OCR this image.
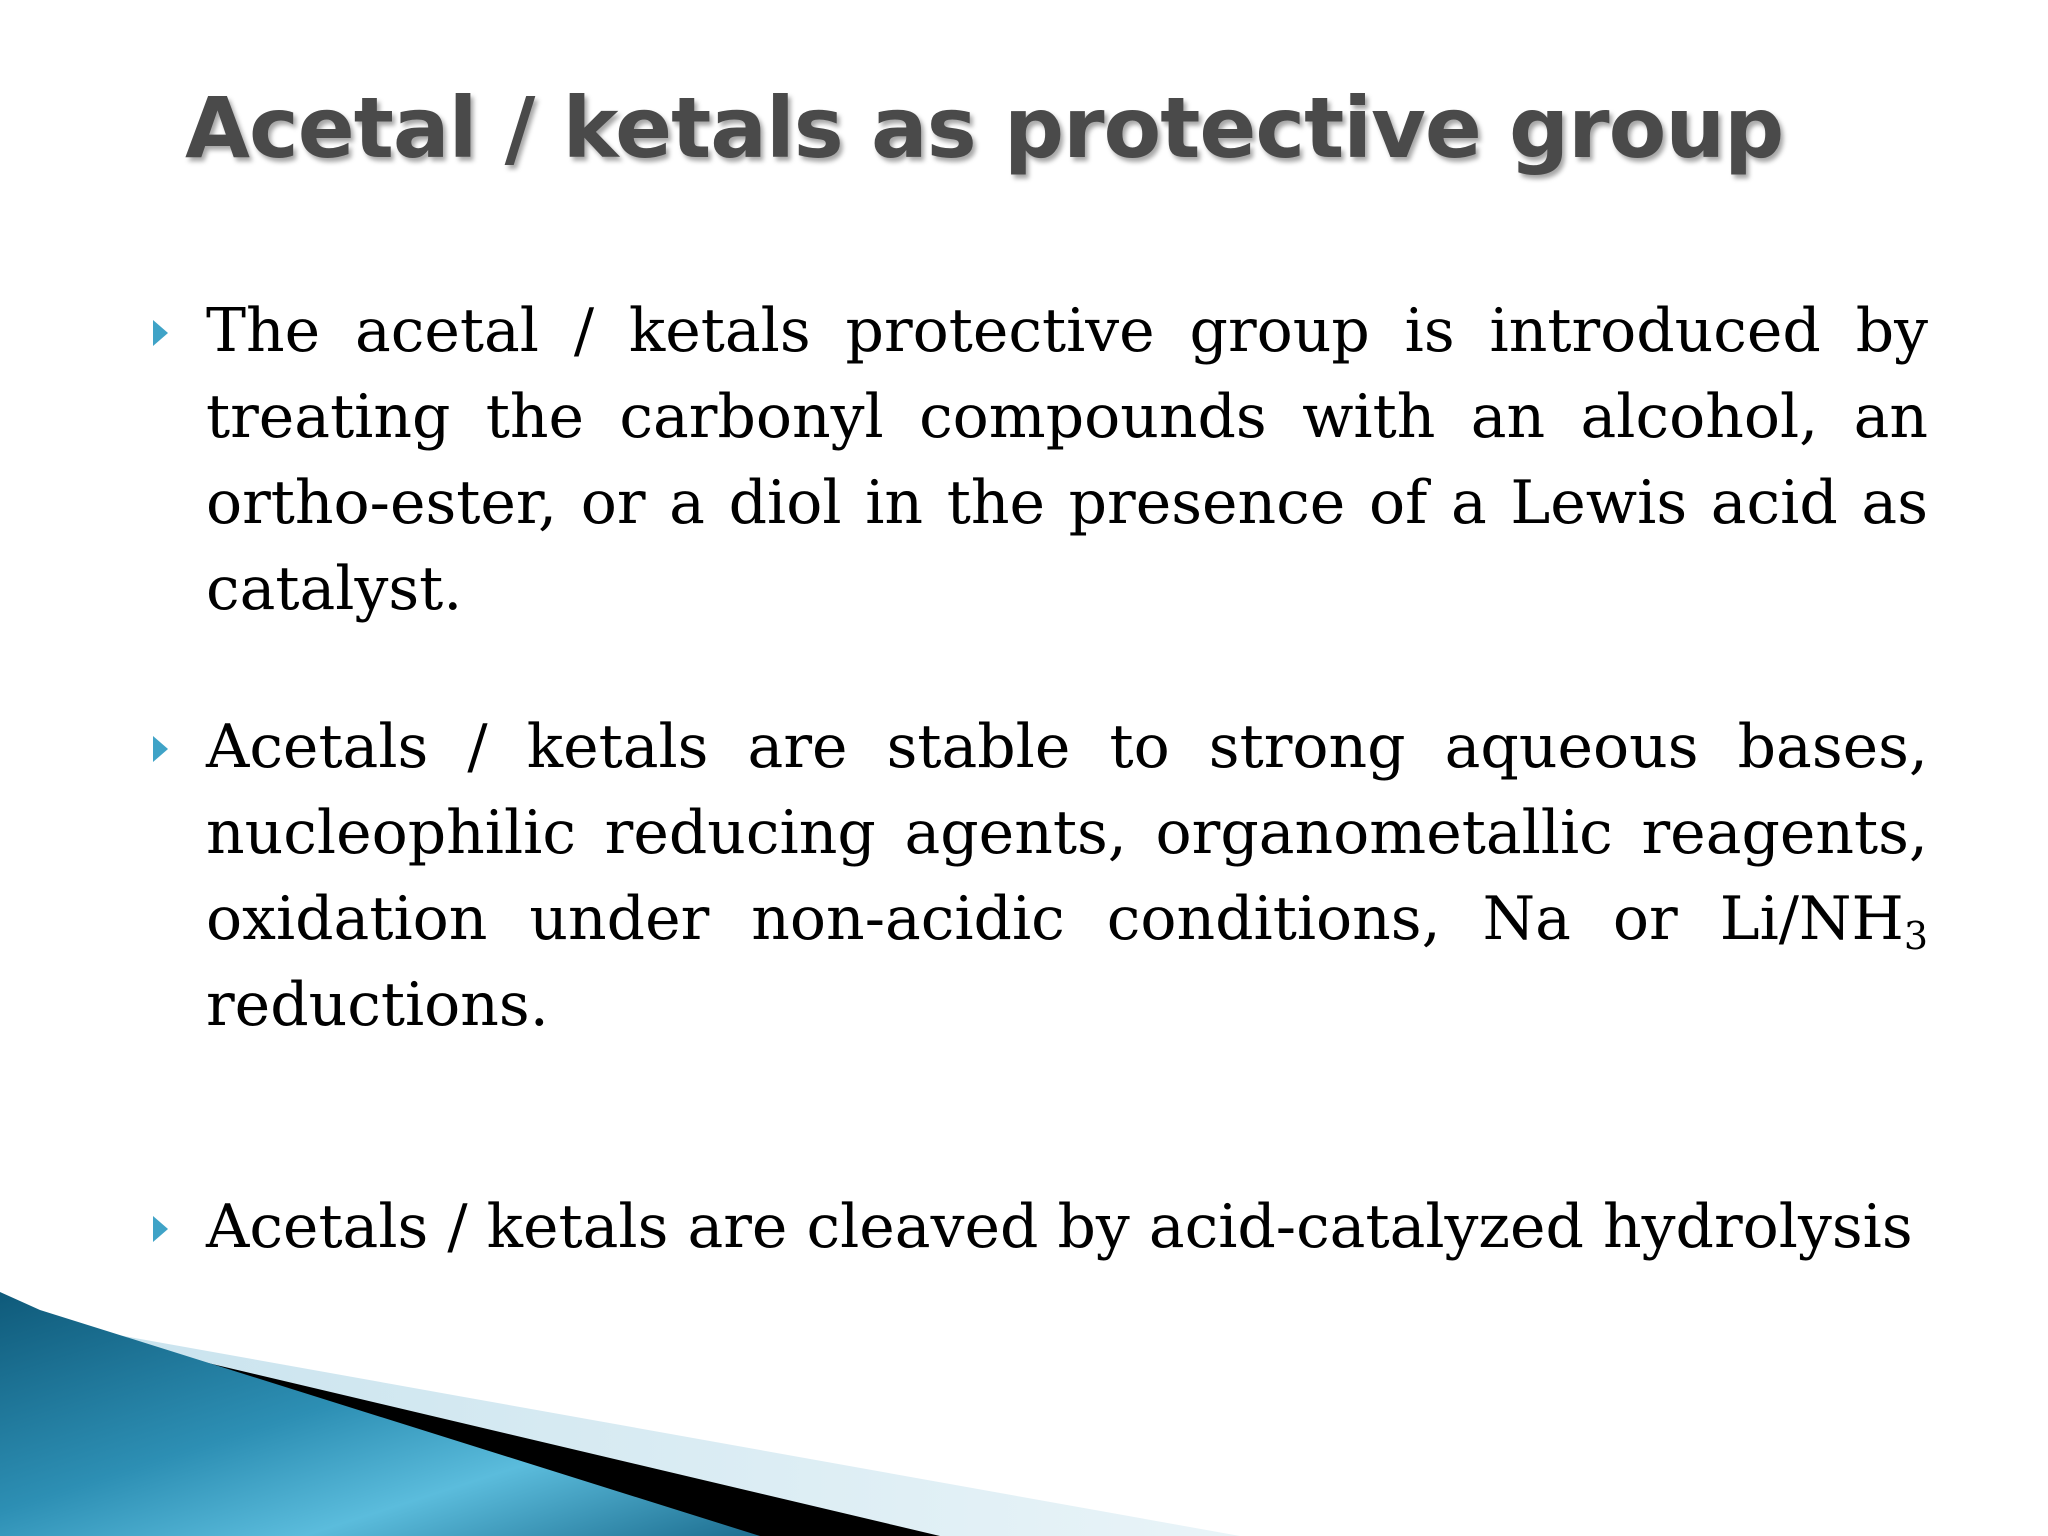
Acetal / ketals as protective group
The acetal / ketals protective group is introduced by treating the carbonyl compounds with an alcohol, an ortho-ester, or a diol in the presence of a Lewis acid as catalyst.
Acetals / ketals are stable to strong aqueous bases, nucleophilic reducing agents, organometallic reagents, oxidation under non-acidic conditions, Na or $Li/NH_3$ reductions.
Acetals / ketals are cleaved by acid-catalyzed hydrolysis
